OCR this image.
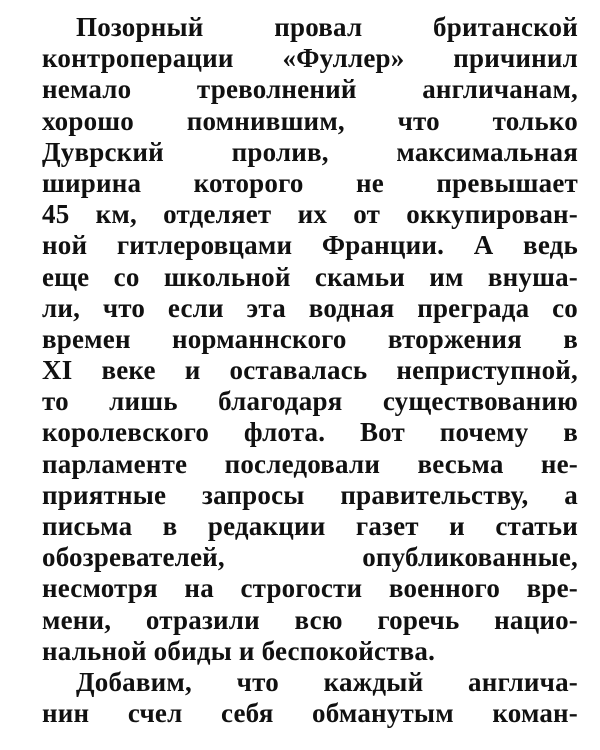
Позорный провал британской
контроперации «Фуллер» причинил
немало треволнений англичанам,
хорошо помнившим, что только
Дуврский пролив, максимальная
ширина которого не превышает
45 км, отделяет их от оккупирован-
ной гитлеровцами Франции. А ведь
еще со школьной скамьи им внуша-
ли, что если эта водная преграда со
времен норманнского вторжения в
XI веке и оставалась неприступной,
то лишь благодаря существованию
королевского флота. Вот почему в
парламенте последовали весьма не-
приятные запросы правительству, а
письма в редакции газет и статьи
обозревателей, опубликованные,
несмотря на строгости военного вре-
мени, отразили всю горечь нацио-
нальной обиды и беспокойства.
Добавим, что каждый англича-
нин счел себя обманутым коман-
